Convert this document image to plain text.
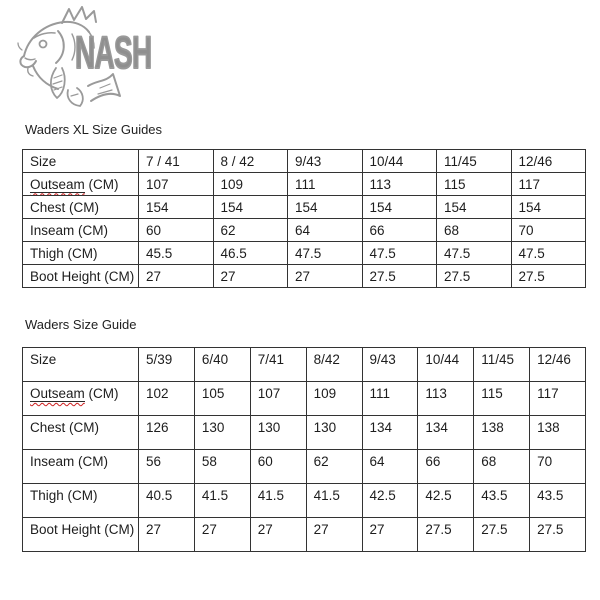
NASH
Waders XL Size Guides
Size	7 / 41	8 / 42	9/43	10/44	11/45	12/46
Outseam (CM)	107	109	111	113	115	117
Chest (CM)	154	154	154	154	154	154
Inseam (CM)	60	62	64	66	68	70
Thigh (CM)	45.5	46.5	47.5	47.5	47.5	47.5
Boot Height (CM)	27	27	27	27.5	27.5	27.5
Waders Size Guide
Size	5/39	6/40	7/41	8/42	9/43	10/44	11/45	12/46
Outseam (CM)	102	105	107	109	111	113	115	117
Chest (CM)	126	130	130	130	134	134	138	138
Inseam (CM)	56	58	60	62	64	66	68	70
Thigh (CM)	40.5	41.5	41.5	41.5	42.5	42.5	43.5	43.5
Boot Height (CM)	27	27	27	27	27	27.5	27.5	27.5
